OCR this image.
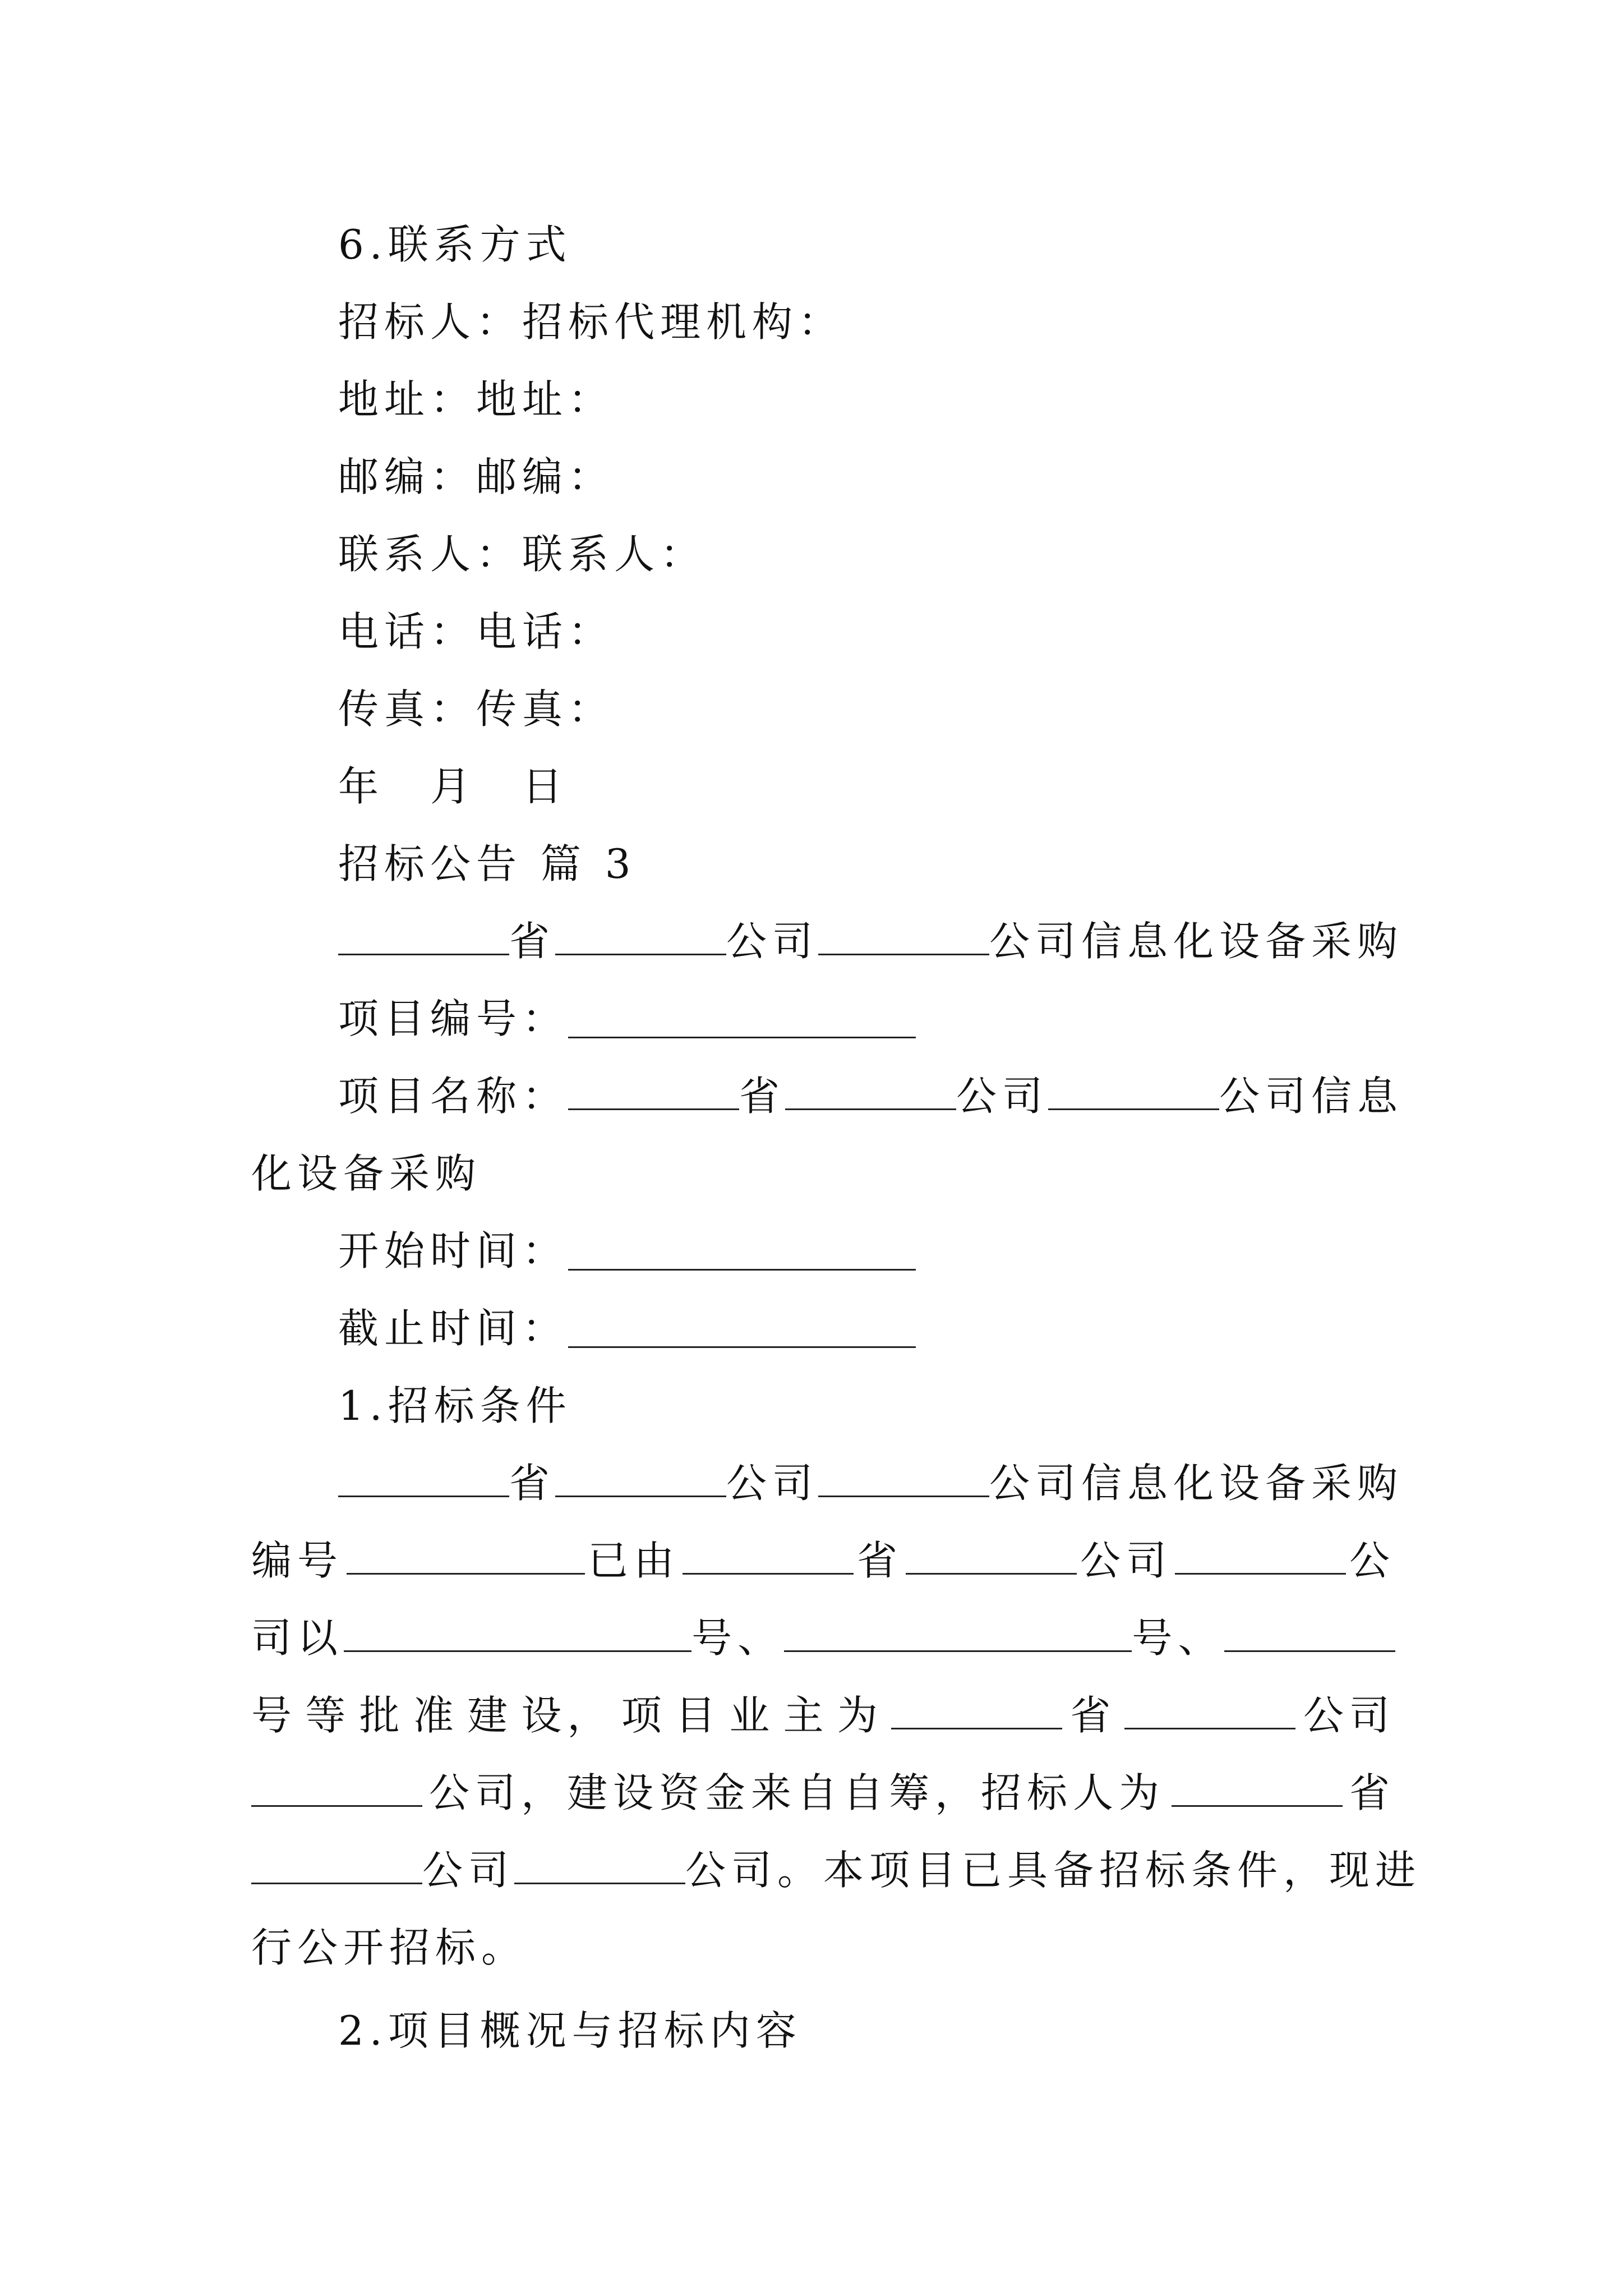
6.联系方式
招标人：招标代理机构：
地址：地址：
邮编：邮编：
联系人：联系人：
电话：电话：
传真：传真：
年　月　日
招标公告 篇 3
省	公司	公司信息化设备采购
项目编号：
项目名称：	省	公司	公司信息
化设备采购
开始时间：
截止时间：
1.招标条件
省	公司	公司信息化设备采购
编号	已由	省	公司	公
司以	号、	号、
号 等 批 准 建 设， 项 目 业 主 为	省	公司
公司，建设资金来自自筹，招标人为	省
公司	公司。本项目已具备招标条件，现进
行公开招标。
2.项目概况与招标内容
